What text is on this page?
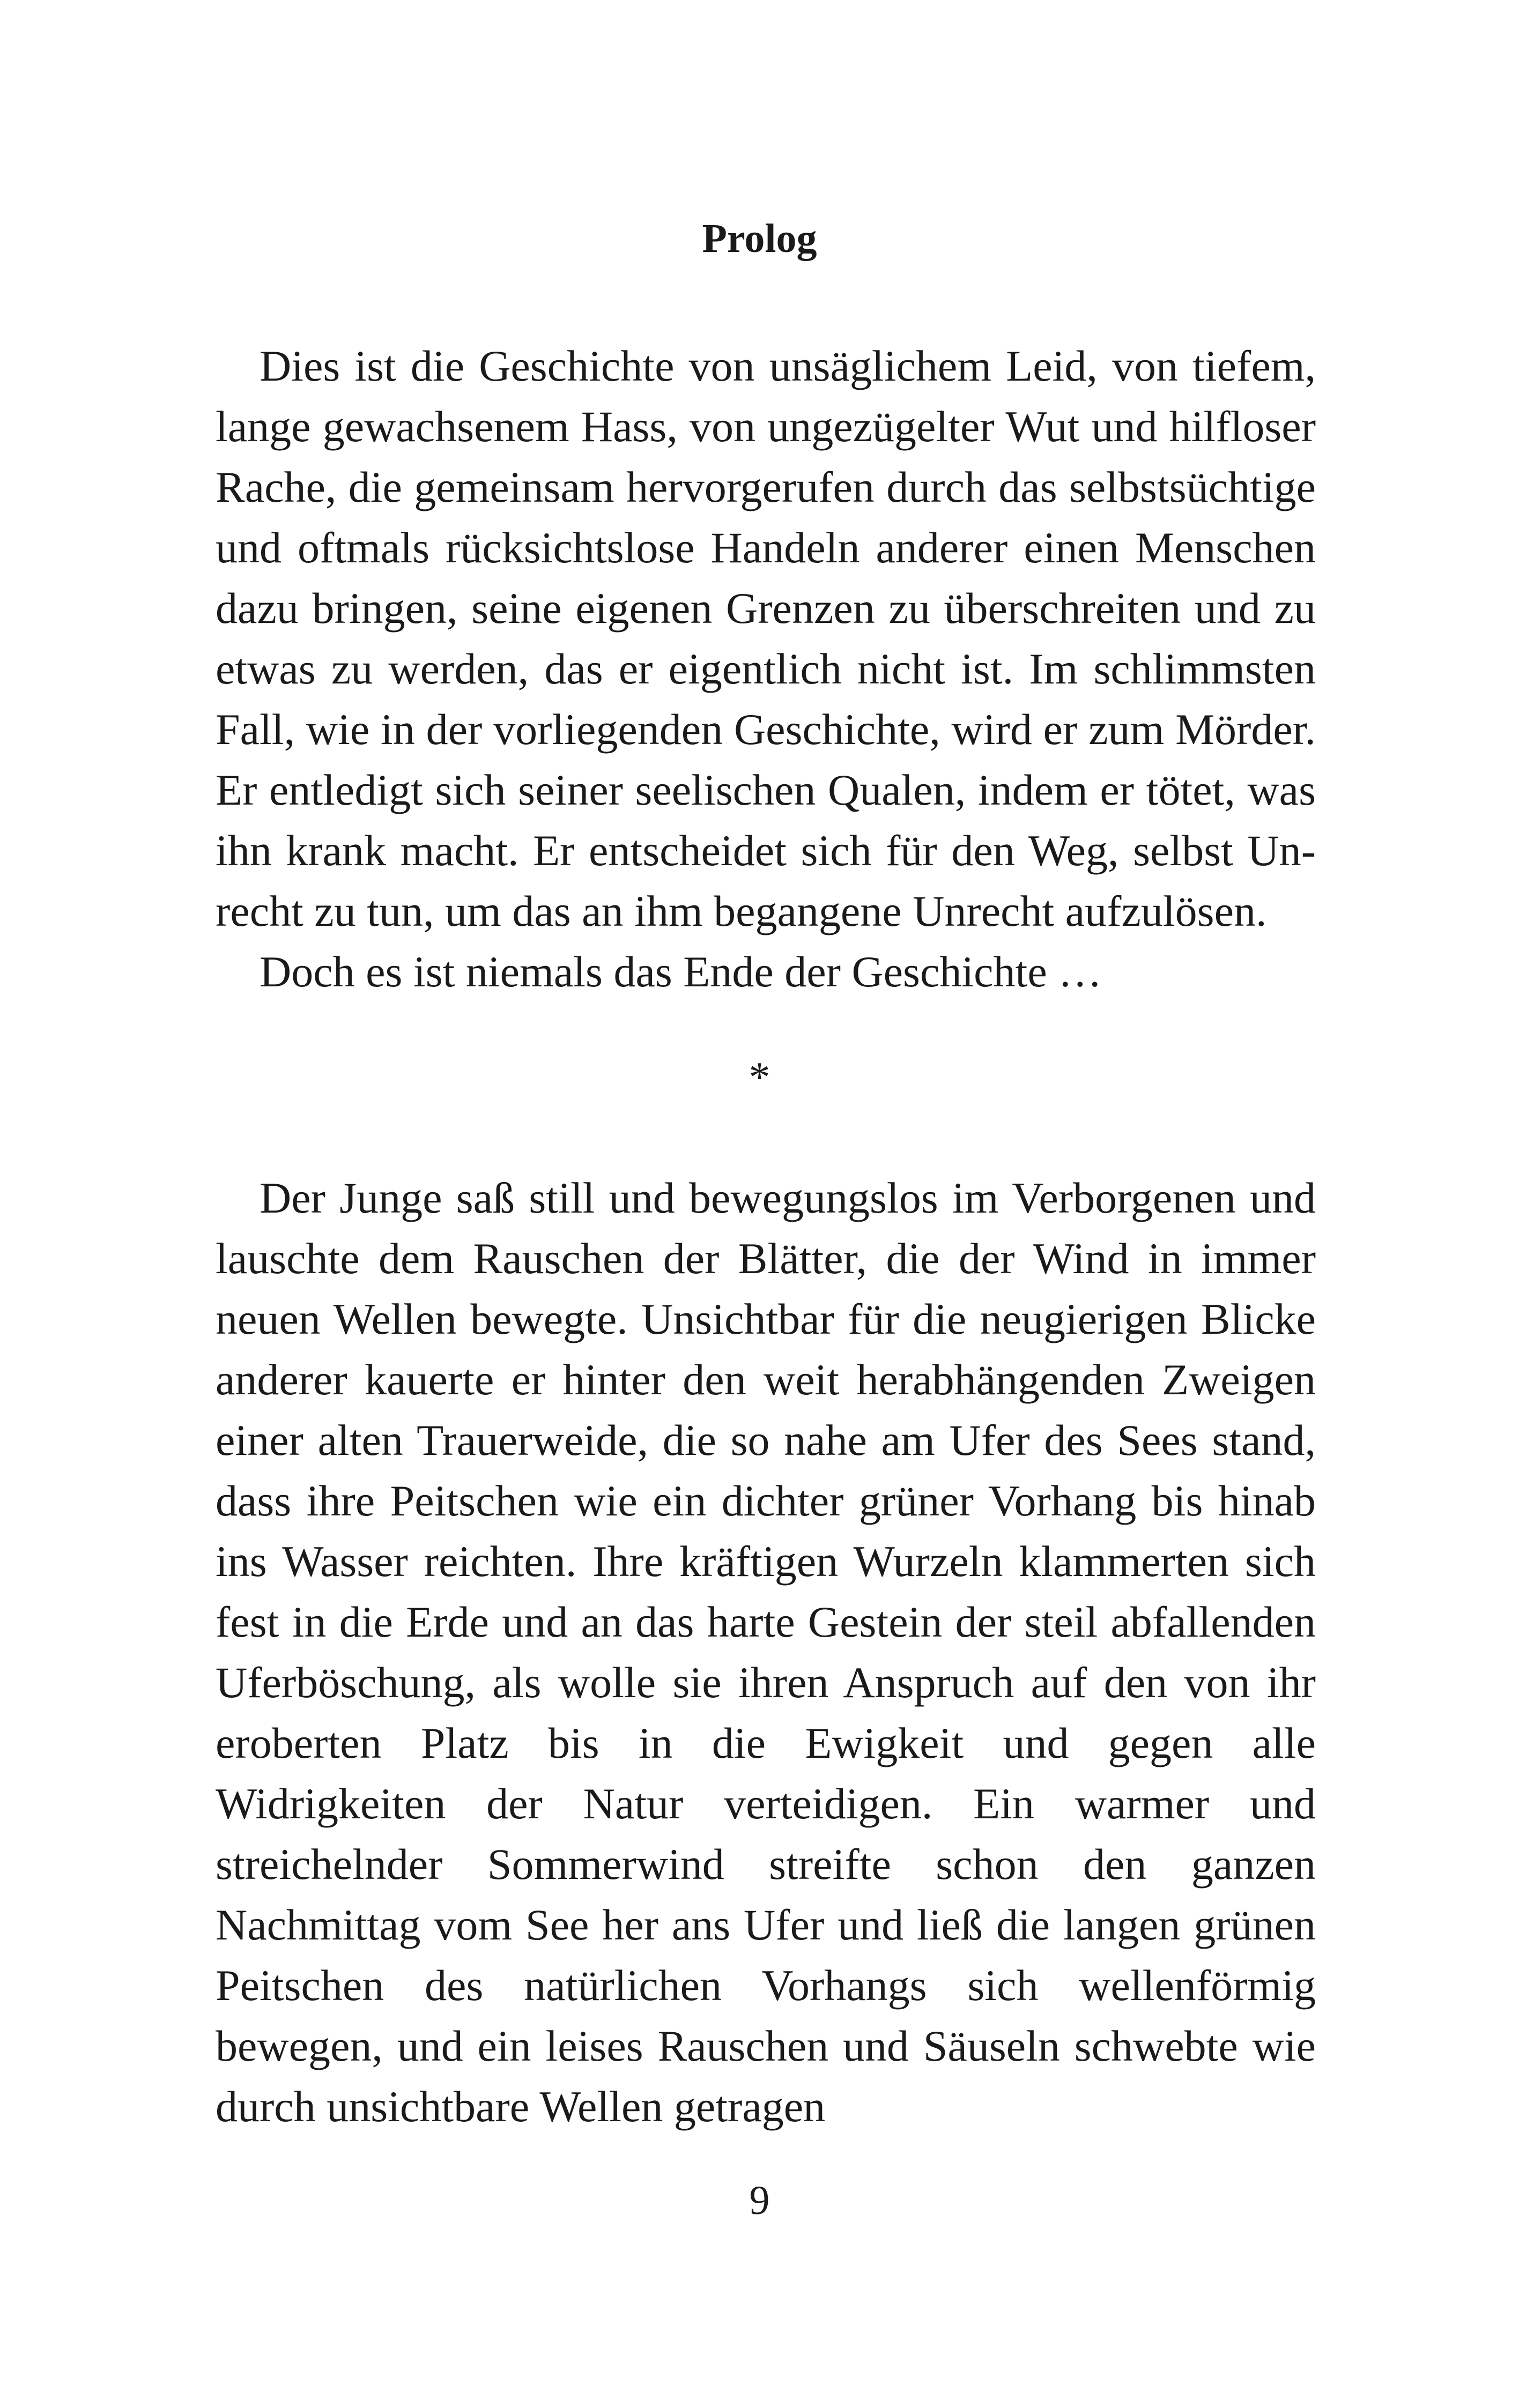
Prolog

Dies ist die Geschichte von unsäglichem Leid, von tiefem, lange gewachsenem Hass, von ungezügelter Wut und hilfloser Rache, die gemeinsam hervorgerufen durch das selbstsüchtige und oftmals rücksichtslose Handeln anderer einen Menschen dazu bringen, seine eigenen Grenzen zu überschreiten und zu etwas zu werden, das er eigentlich nicht ist. Im schlimmsten Fall, wie in der vorliegenden Geschichte, wird er zum Mörder. Er entledigt sich seiner seelischen Qualen, indem er tötet, was ihn krank macht. Er entscheidet sich für den Weg, selbst Unrecht zu tun, um das an ihm begangene Unrecht aufzulösen.

Doch es ist niemals das Ende der Geschichte …

*

Der Junge saß still und bewegungslos im Verborgenen und lauschte dem Rauschen der Blätter, die der Wind in immer neuen Wellen bewegte. Unsichtbar für die neugierigen Blicke anderer kauerte er hinter den weit herabhängenden Zweigen einer alten Trauerweide, die so nahe am Ufer des Sees stand, dass ihre Peitschen wie ein dichter grüner Vorhang bis hinab ins Wasser reichten. Ihre kräftigen Wurzeln klammerten sich fest in die Erde und an das harte Gestein der steil abfallenden Uferböschung, als wolle sie ihren Anspruch auf den von ihr eroberten Platz bis in die Ewigkeit und gegen alle Widrigkeiten der Natur verteidigen. Ein warmer und streichelnder Sommerwind streifte schon den ganzen Nachmittag vom See her ans Ufer und ließ die langen grünen Peitschen des natürlichen Vorhangs sich wellenförmig bewegen, und ein leises Rauschen und Säuseln schwebte wie durch unsichtbare Wellen getragen

9
